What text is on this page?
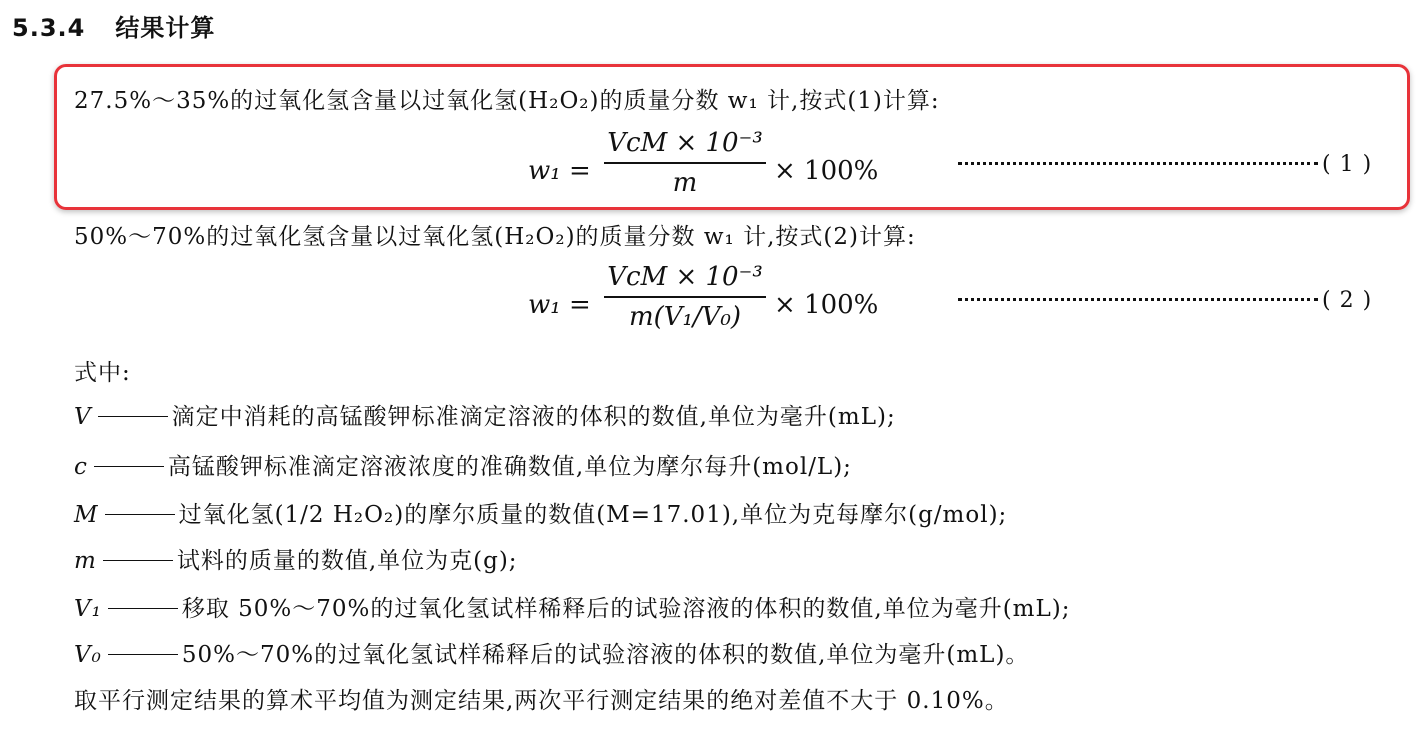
5.3.4 结果计算
27.5%～35%的过氧化氢含量以过氧化氢(H₂O₂)的质量分数 w₁ 计,按式(1)计算:
w₁ =
VcM × 10⁻³
m	× 100%	( 1 )
50%～70%的过氧化氢含量以过氧化氢(H₂O₂)的质量分数 w₁ 计,按式(2)计算:
w₁ =
VcM × 10⁻³
m(V₁/V₀)	× 100%	( 2 )
式中:
V	滴定中消耗的高锰酸钾标准滴定溶液的体积的数值,单位为毫升(mL);
c	高锰酸钾标准滴定溶液浓度的准确数值,单位为摩尔每升(mol/L);
M	过氧化氢(1/2 H₂O₂)的摩尔质量的数值(M=17.01),单位为克每摩尔(g/mol);
m	试料的质量的数值,单位为克(g);
V₁	移取 50%～70%的过氧化氢试样稀释后的试验溶液的体积的数值,单位为毫升(mL);
V₀	50%～70%的过氧化氢试样稀释后的试验溶液的体积的数值,单位为毫升(mL)。
取平行测定结果的算术平均值为测定结果,两次平行测定结果的绝对差值不大于 0.10%。
